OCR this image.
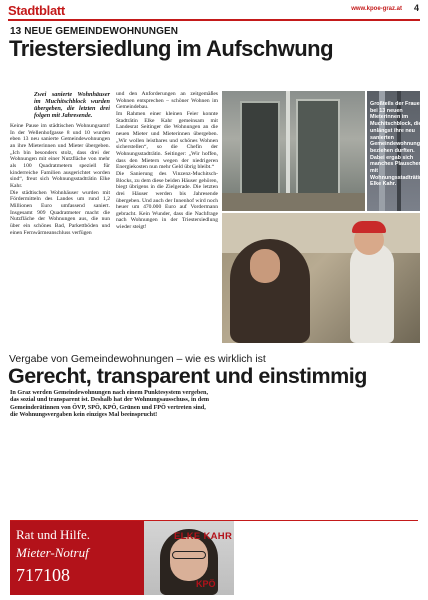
Stadtblatt	www.kpoe-graz.at 4
13 NEUE GEMEINDEWOHNUNGEN
Triestersiedlung im Aufschwung
Zwei sanierte Wohnhäuser im Muchitschblock wurden übergeben, die letzten drei folgen mit Jahresende.
Keine Pause im städtischen Wohnungsamt! In der Wellenhofgasse 8 und 10 wurden eben 13 neu sanierte Gemeindewohnungen an ihre Mieterinnen und Mieter übergeben. „Ich bin besonders stolz, dass drei der Wohnungen mit einer Nutzfläche von mehr als 100 Quadratmetern speziell für kinderreiche Familien ausgerichtet worden sind“, freut sich Wohnungsstadträtin Elke Kahr.
Die städtischen Wohnhäuser wurden mit Fördermitteln des Landes um rund 1,2 Millionen Euro umfassend saniert. Insgesamt 909 Quadratmeter macht die Nutzfläche der Wohnungen aus, die nun über ein schönes Bad, Parkettböden und einen Fernwärmeanschluss verfügen
und den Anforderungen an zeitgemäßes Wohnen entsprechen – schöner Wohnen im Gemeindebau.
Im Rahmen einer kleinen Feier konnte Stadträtin Elke Kahr gemeinsam mit Landesrat Seitinger die Wohnungen an die neuen Mieter und Mieterinnen übergeben. „Wir wollen leistbares und schönes Wohnen sicherstellen“, so die Chefin der Wohnungsstadträtin. Seitinger: „Wir hoffen, dass den Mietern wegen der niedrigeren Energiekosten nun mehr Geld übrig bleibt.“
Die Sanierung des Vinzenz-Muchitsch-Blocks, zu dem diese beiden Häuser gehören, biegt übrigens in die Zielgerade. Die letzten drei Häuser werden bis Jahresende übergeben. Und auch der Innenhof wird noch heuer um 470.000 Euro auf Vordermann gebracht. Kein Wunder, dass die Nachfrage nach Wohnungen in der Triestersiedlung wieder steigt!
Großteils der Frauen bei 13 neuen Mieterinnen im Muchitschblock, die unlängst ihre neu sanierten Gemeindewohnungen beziehen durften. Dabei ergab sich manches Plauscherl mit Wohnungsstadträtin Elke Kahr.
Vergabe von Gemeindewohnungen – wie es wirklich ist
Gerecht, transparent und einstimmig
In Graz werden Gemeindewohnungen nach einem Punktesystem vergeben, das sozial und transparent ist. Deshalb hat der Wohnungsausschuss, in dem Gemeinderätinnen von ÖVP, SPÖ, KPÖ, Grünen und FPÖ vertreten sind, die Wohnungsvergaben kein einziges Mal beeinsprucht!
Rat und Hilfe.
Mieter-Notruf
717108
ELKE KAHR
KPÖ
